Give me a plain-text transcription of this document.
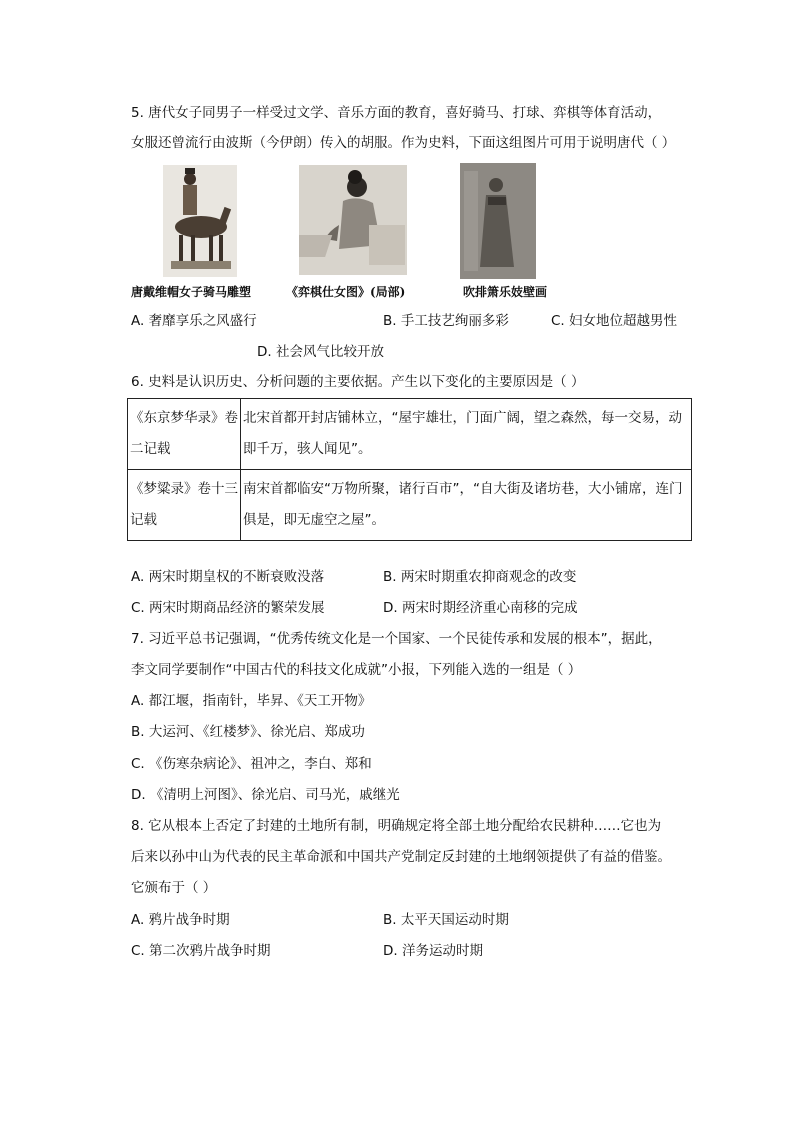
5. 唐代女子同男子一样受过文学、音乐方面的教育，喜好骑马、打球、弈棋等体育活动，
女服还曾流行由波斯（今伊朗）传入的胡服。作为史料，下面这组图片可用于说明唐代（ ）
唐戴维帽女子骑马雕塑	《弈棋仕女图》(局部)	吹排箫乐妓壁画
A. 奢靡享乐之风盛行	B. 手工技艺绚丽多彩	C. 妇女地位超越男性
D. 社会风气比较开放
6. 史料是认识历史、分析问题的主要依据。产生以下变化的主要原因是（ ）
《东京梦华录》卷二记载	北宋首都开封店铺林立，“屋宇雄壮，门面广阔，望之森然，每一交易，动即千万，骇人闻见”。
《梦粱录》卷十三记载	南宋首都临安“万物所聚，诸行百市”，“自大街及诸坊巷，大小铺席，连门俱是，即无虚空之屋”。
A. 两宋时期皇权的不断衰败没落	B. 两宋时期重农抑商观念的改变
C. 两宋时期商品经济的繁荣发展	D. 两宋时期经济重心南移的完成
7. 习近平总书记强调，“优秀传统文化是一个国家、一个民徒传承和发展的根本”，据此，
李文同学要制作“中国古代的科技文化成就”小报，下列能入选的一组是（ ）
A. 都江堰，指南针，毕昇、《天工开物》
B. 大运河、《红楼梦》、徐光启、郑成功
C. 《伤寒杂病论》、祖冲之，李白、郑和
D. 《清明上河图》、徐光启、司马光，戚继光
8. 它从根本上否定了封建的土地所有制，明确规定将全部土地分配给农民耕种……它也为
后来以孙中山为代表的民主革命派和中国共产党制定反封建的土地纲领提供了有益的借鉴。
它颁布于（ ）
A. 鸦片战争时期	B. 太平天国运动时期
C. 第二次鸦片战争时期	D. 洋务运动时期
